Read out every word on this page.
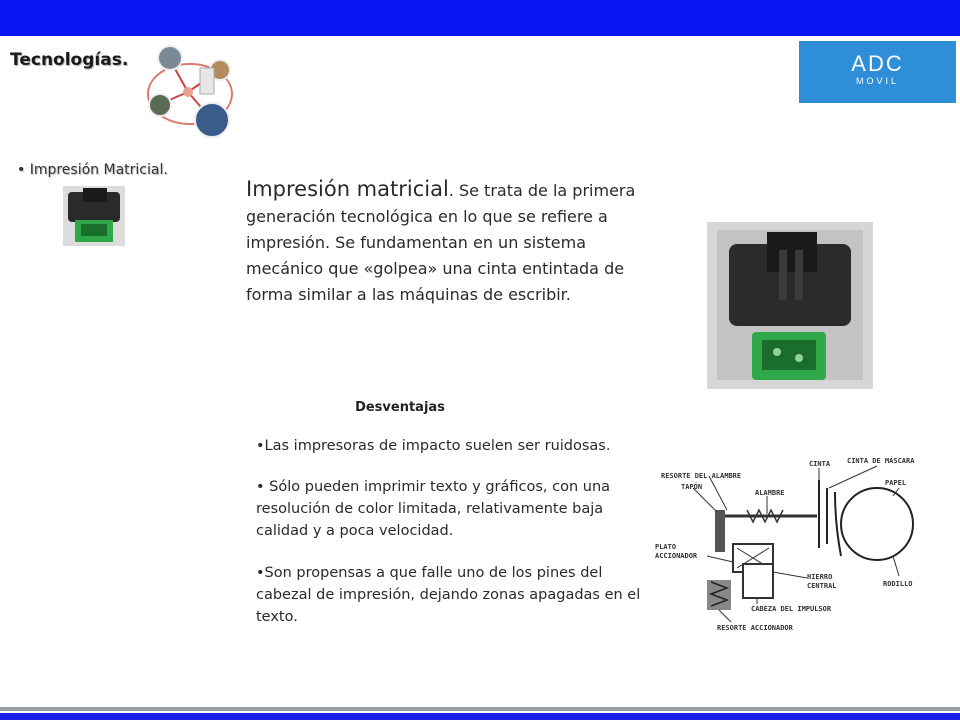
Tecnologías.	ADC
MOVIL
• Impresión Matricial.
Impresión matricial. Se trata de la primera generación tecnológica en lo que se refiere a impresión. Se fundamentan en un sistema mecánico que «golpea» una cinta entintada de forma similar a las máquinas de escribir.
Desventajas
•Las impresoras de impacto suelen ser ruidosas.
• Sólo pueden imprimir texto y gráficos, con una resolución de color limitada, relativamente baja calidad y a poca velocidad.
•Son propensas a que falle uno de los pines del cabezal de impresión, dejando zonas apagadas en el texto.
RESORTE DEL ALAMBRE
TAPÓN
ALAMBRE
CINTA CINTA DE MÁSCARA
PAPEL
PLATO
ACCIONADOR
HIERRO
CENTRAL	RODILLO
CABEZA DEL IMPULSOR
RESORTE ACCIONADOR
